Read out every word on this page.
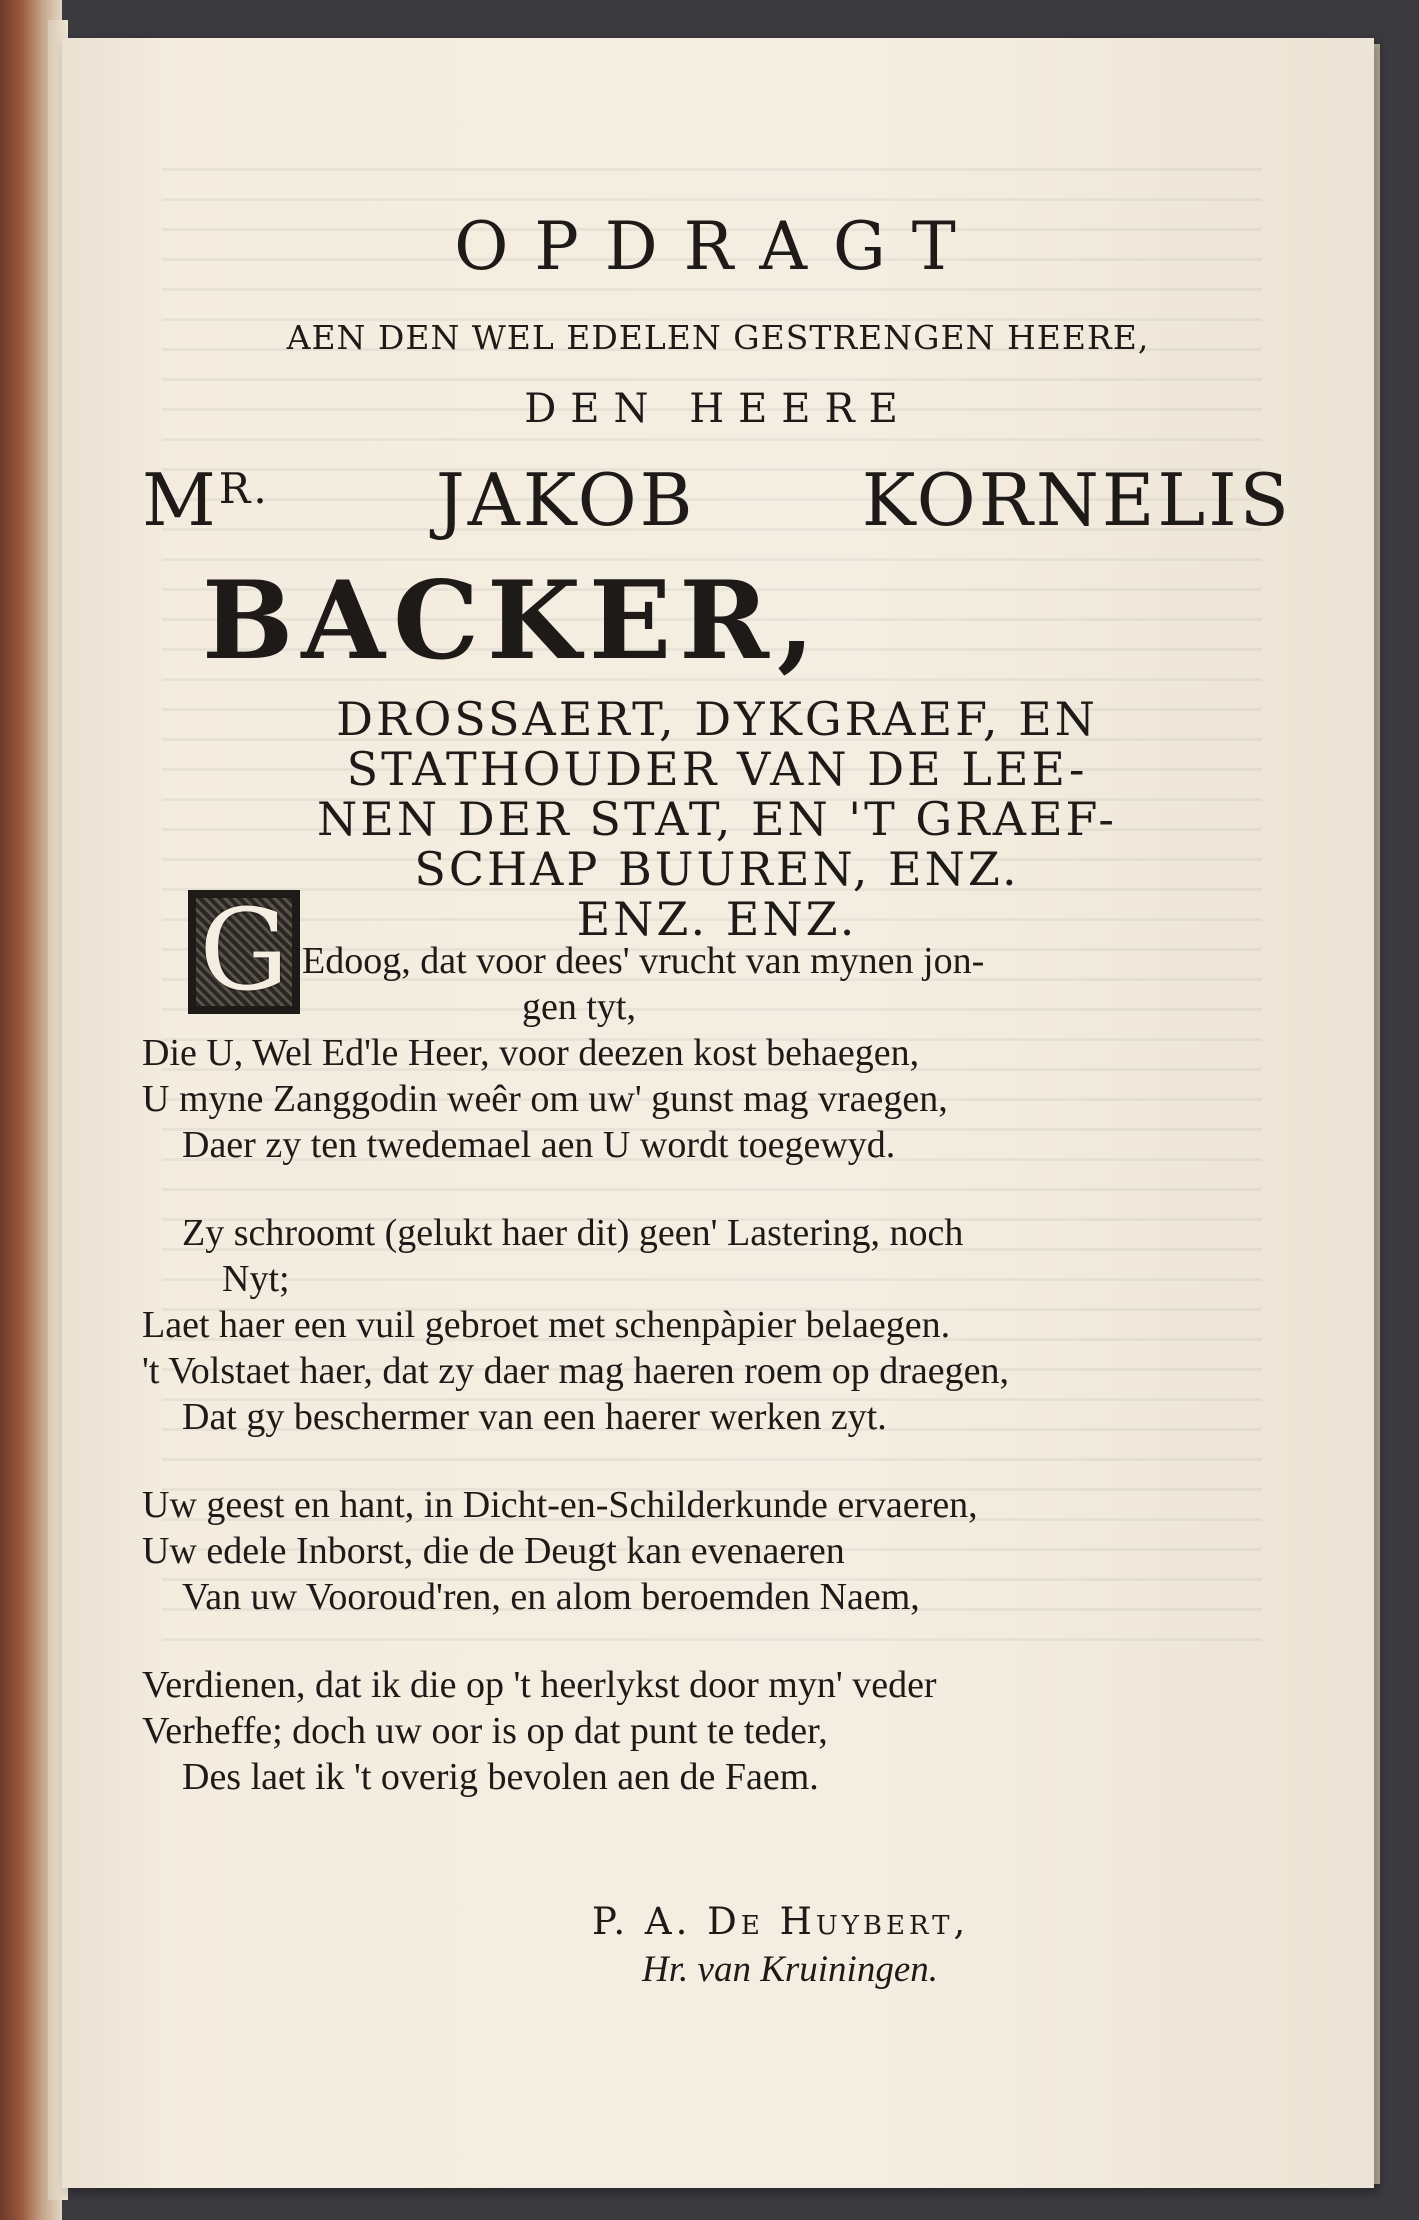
OPDRAGT
AEN DEN WEL EDELEN GESTRENGEN HEERE,
DEN HEERE
$M^{R.}$ JAKOB KORNELIS
BACKER,
DROSSAERT, DYKGRAEF, EN
STATHOUDER VAN DE LEE-
NEN DER STAT, EN 'T GRAEF-
SCHAP BUUREN, ENZ.
ENZ. ENZ.
G Edoog, dat voor dees' vrucht van mynen jon-
gen tyt,
Die U, Wel Ed'le Heer, voor deezen kost behaegen,
U myne Zanggodin weêr om uw' gunst mag vraegen,
Daer zy ten twedemael aen U wordt toegewyd.
Zy schroomt (gelukt haer dit) geen' Lastering, noch
Nyt;
Laet haer een vuil gebroet met schenpàpier belaegen.
't Volstaet haer, dat zy daer mag haeren roem op draegen,
Dat gy beschermer van een haerer werken zyt.
Uw geest en hant, in Dicht-en-Schilderkunde ervaeren,
Uw edele Inborst, die de Deugt kan evenaeren
Van uw Vooroud'ren, en alom beroemden Naem,
Verdienen, dat ik die op 't heerlykst door myn' veder
Verheffe; doch uw oor is op dat punt te teder,
Des laet ik 't overig bevolen aen de Faem.
P. A. De Huybert,
Hr. van Kruiningen.
